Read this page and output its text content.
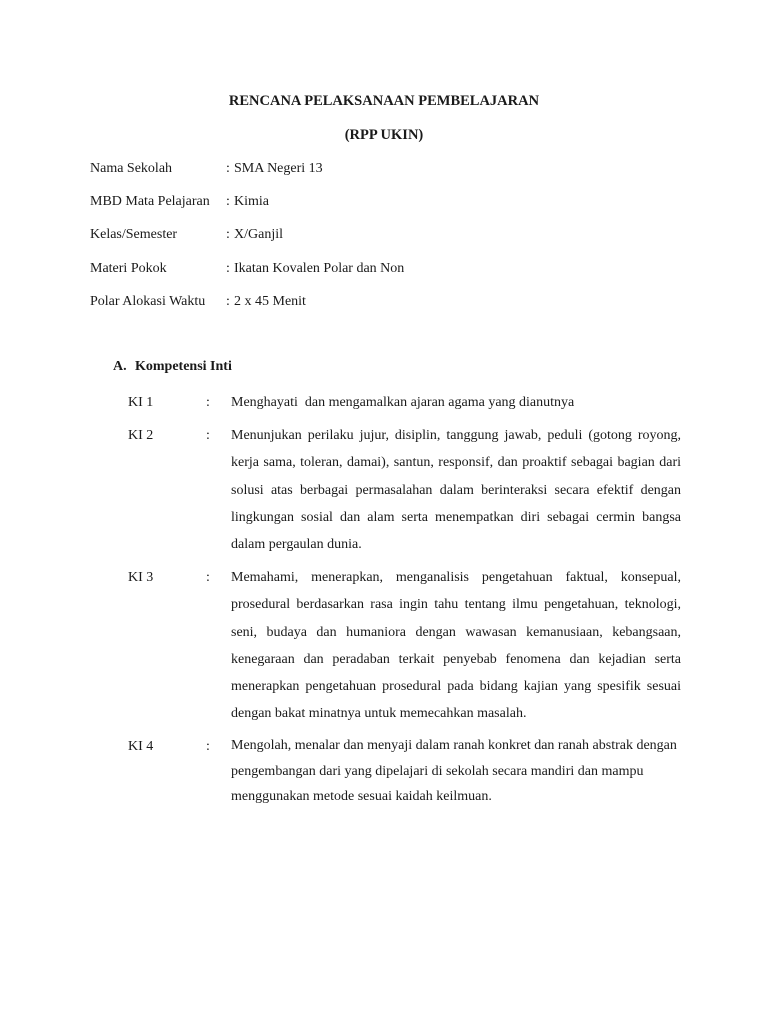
RENCANA PELAKSANAAN PEMBELAJARAN
(RPP UKIN)
Nama Sekolah	: SMA Negeri 13
MBD Mata Pelajaran	: Kimia
Kelas/Semester	: X/Ganjil
Materi Pokok	: Ikatan Kovalen Polar dan Non
Polar Alokasi Waktu	: 2 x 45 Menit
A. Kompetensi Inti
KI 1	:	Menghayati  dan mengamalkan ajaran agama yang dianutnya
KI 2	:	Menunjukan perilaku jujur, disiplin, tanggung jawab, peduli (gotong royong, kerja sama, toleran, damai), santun, responsif, dan proaktif sebagai bagian dari solusi atas berbagai permasalahan dalam berinteraksi secara efektif dengan lingkungan sosial dan alam serta menempatkan diri sebagai cermin bangsa dalam pergaulan dunia.
KI 3	:	Memahami, menerapkan, menganalisis pengetahuan faktual, konsepual, prosedural berdasarkan rasa ingin tahu tentang ilmu pengetahuan, teknologi, seni, budaya dan humaniora dengan wawasan kemanusiaan, kebangsaan, kenegaraan dan peradaban terkait penyebab fenomena dan kejadian serta menerapkan pengetahuan prosedural pada bidang kajian yang spesifik sesuai dengan bakat minatnya untuk memecahkan masalah.
KI 4	:	Mengolah, menalar dan menyaji dalam ranah konkret dan ranah abstrak dengan pengembangan dari yang dipelajari di sekolah secara mandiri dan mampu menggunakan metode sesuai kaidah keilmuan.
